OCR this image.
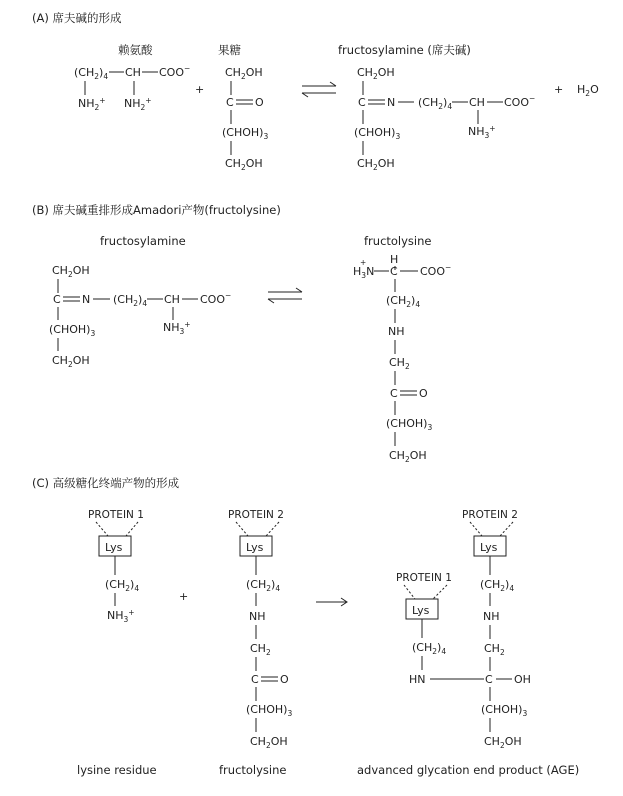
(A) 席夫碱的形成
赖氨酸	果糖	fructosylamine (席夫碱)
$(CH_2)_4$ CH COO−
$NH_2^+$ $NH_2^+$
+
$CH_2OH$
C O
$(CHOH)_3$
$CH_2OH$
$CH_2OH$
C N $(CH_2)_4$ CH COO−
$NH_3^+$
$(CHOH)_3$
$CH_2OH$
+ $H_2O$
(B) 席夫碱重排形成Amadori产物(fructolysine)
fructosylamine	fructolysine
$CH_2OH$
C N $(CH_2)_4$ CH COO−
$NH_3^+$
$(CHOH)_3$
$CH_2OH$
H
$H_3N$
+
C COO−
$(CH_2)_4$
NH
$CH_2$
C O
$(CHOH)_3$
$CH_2OH$
(C) 高级糖化终端产物的形成
PROTEIN 1
Lys
$(CH_2)_4$
$NH_3^+$
+
PROTEIN 2
Lys
$(CH_2)_4$
NH
$CH_2$
C O
$(CHOH)_3$
$CH_2OH$
PROTEIN 2
Lys
$(CH_2)_4$
NH
$CH_2$
C OH
$(CHOH)_3$
$CH_2OH$
PROTEIN 1
Lys
$(CH_2)_4$
HN
lysine residue	fructolysine	advanced glycation end product (AGE)
